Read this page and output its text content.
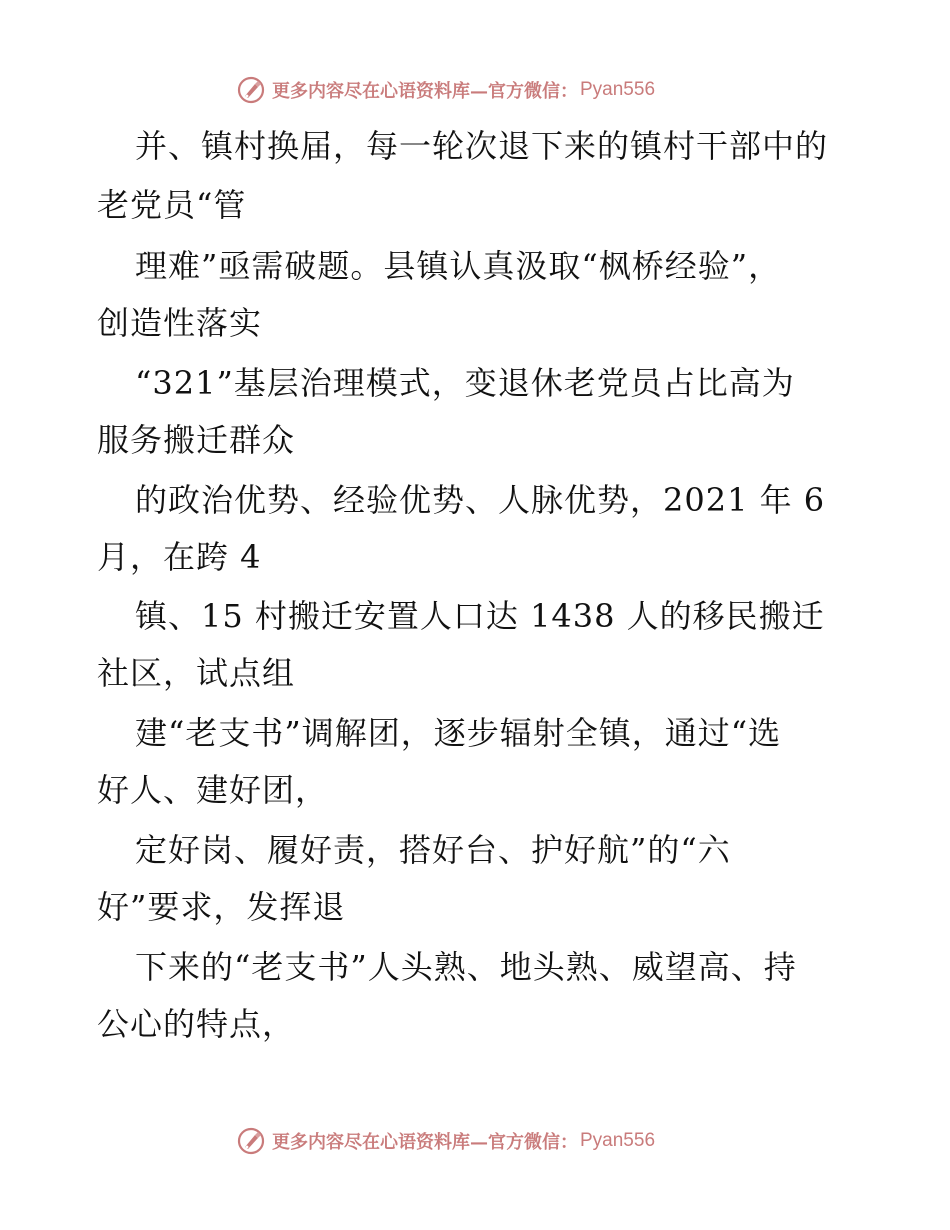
更多内容尽在心语资料库—官方微信： Pyan556
并、镇村换届，每一轮次退下来的镇村干部中的
老党员“管
理难”亟需破题。县镇认真汲取“枫桥经验”，
创造性落实
“321”基层治理模式，变退休老党员占比高为
服务搬迁群众
的政治优势、经验优势、人脉优势，2021 年 6
月，在跨 4
镇、15 村搬迁安置人口达 1438 人的移民搬迁
社区，试点组
建“老支书”调解团，逐步辐射全镇，通过“选
好人、建好团，
定好岗、履好责，搭好台、护好航”的“六
好”要求，发挥退
下来的“老支书”人头熟、地头熟、威望高、持
公心的特点，
更多内容尽在心语资料库—官方微信： Pyan556
